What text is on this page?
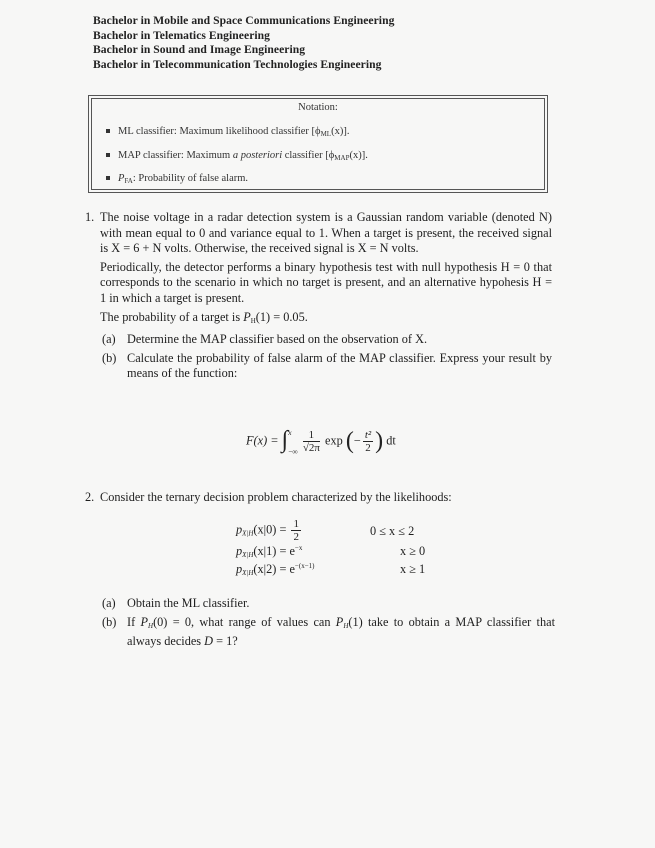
Bachelor in Mobile and Space Communications Engineering
Bachelor in Telematics Engineering
Bachelor in Sound and Image Engineering
Bachelor in Telecommunication Technologies Engineering
Notation:
ML classifier: Maximum likelihood classifier $[\phi_{ML}(x)]$.
MAP classifier: Maximum a posteriori classifier $[\phi_{MAP}(x)]$.
$P_{FA}$: Probability of false alarm.
1. The noise voltage in a radar detection system is a Gaussian random variable (denoted N) with mean equal to 0 and variance equal to 1. When a target is present, the received signal is X = 6 + N volts. Otherwise, the received signal is X = N volts.
Periodically, the detector performs a binary hypothesis test with null hypothesis H = 0 that corresponds to the scenario in which no target is present, and an alternative hypohesis H = 1 in which a target is present.
The probability of a target is $P_H(1) = 0.05$.
(a) Determine the MAP classifier based on the observation of X.
(b) Calculate the probability of false alarm of the MAP classifier. Express your result by means of the function:
F(x) = ∫ x
−∞ $\frac{1}{√2\pi}$ exp (− $\frac{\text{t²}}{2}$ ) dt
2. Consider the ternary decision problem characterized by the likelihoods:
$p_{X|H}(x|0) = \frac{1}{2}$	0 ≤ x ≤ 2
$p_{X|H}(x|1) = e^{-x}$	x ≥ 0
$p_{X|H}(x|2) = e^{-(x-1)}$	x ≥ 1
(a) Obtain the ML classifier.
(b) If $P_H(0) = 0$, what range of values can $P_H(1)$ take to obtain a MAP classifier that always decides D = 1?
